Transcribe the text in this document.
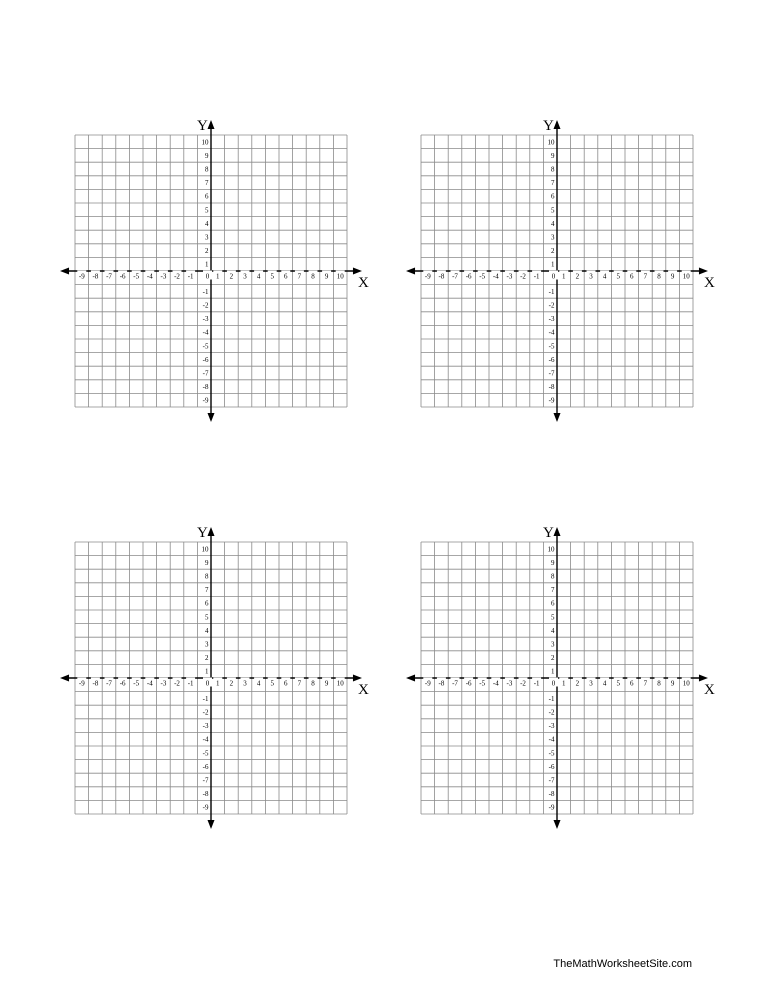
X
Y
-9 -8 -7 -6 -5 -4 -3 -2 -1 0 1 2 3 4 5 6 7 8 9 10
10
9
8
7
6
5
4
3
2
1
-1
-2
-3
-4
-5
-6
-7
-8
-9
X
Y
-9 -8 -7 -6 -5 -4 -3 -2 -1 0 1 2 3 4 5 6 7 8 9 10
10
9
8
7
6
5
4
3
2
1
-1
-2
-3
-4
-5
-6
-7
-8
-9
X
Y
-9 -8 -7 -6 -5 -4 -3 -2 -1 0 1 2 3 4 5 6 7 8 9 10
10
9
8
7
6
5
4
3
2
1
-1
-2
-3
-4
-5
-6
-7
-8
-9
X
Y
-9 -8 -7 -6 -5 -4 -3 -2 -1 0 1 2 3 4 5 6 7 8 9 10
10
9
8
7
6
5
4
3
2
1
-1
-2
-3
-4
-5
-6
-7
-8
-9
TheMathWorksheetSite.com
